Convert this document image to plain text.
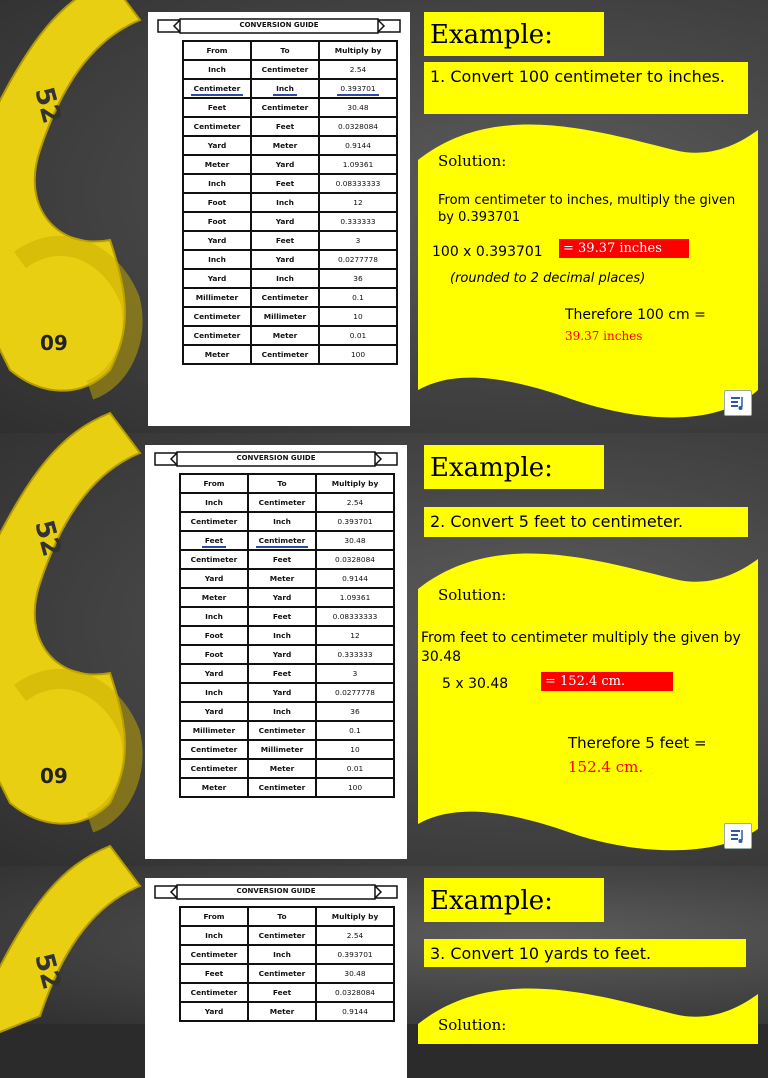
52
09
CONVERSION GUIDE
From	To	Multiply by
Inch	Centimeter	2.54
Centimeter	Inch	0.393701
Feet	Centimeter	30.48
Centimeter	Feet	0.0328084
Yard	Meter	0.9144
Meter	Yard	1.09361
Inch	Feet	0.08333333
Foot	Inch	12
Foot	Yard	0.333333
Yard	Feet	3
Inch	Yard	0.0277778
Yard	Inch	36
Millimeter	Centimeter	0.1
Centimeter	Millimeter	10
Centimeter	Meter	0.01
Meter	Centimeter	100
Example:
1. Convert 100 centimeter to inches.
Solution:
From centimeter to inches, multiply the given by 0.393701
100 x 0.393701	= 39.37 inches
(rounded to 2 decimal places)
Therefore 100 cm =
39.37 inches
52
09
CONVERSION GUIDE
From	To	Multiply by
Inch	Centimeter	2.54
Centimeter	Inch	0.393701
Feet	Centimeter	30.48
Centimeter	Feet	0.0328084
Yard	Meter	0.9144
Meter	Yard	1.09361
Inch	Feet	0.08333333
Foot	Inch	12
Foot	Yard	0.333333
Yard	Feet	3
Inch	Yard	0.0277778
Yard	Inch	36
Millimeter	Centimeter	0.1
Centimeter	Millimeter	10
Centimeter	Meter	0.01
Meter	Centimeter	100
Example:
2. Convert 5 feet to centimeter.
Solution:
From feet to centimeter multiply the given by 30.48
5 x 30.48	= 152.4 cm.
Therefore 5 feet =
152.4 cm.
52
CONVERSION GUIDE
From	To	Multiply by
Inch	Centimeter	2.54
Centimeter	Inch	0.393701
Feet	Centimeter	30.48
Centimeter	Feet	0.0328084
Yard	Meter	0.9144
Example:
3. Convert 10 yards to feet.
Solution:
